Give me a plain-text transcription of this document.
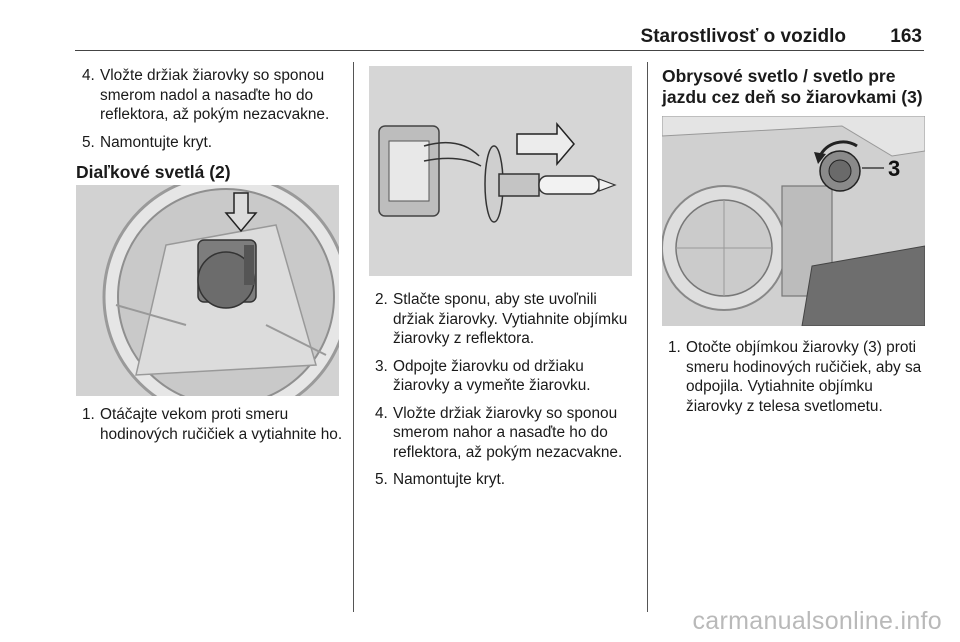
Starostlivosť o vozidlo 163
4. Vložte držiak žiarovky so sponou smerom nadol a nasaďte ho do reflektora, až pokým nezacvakne.
5. Namontujte kryt.
Diaľkové svetlá (2)
1. Otáčajte vekom proti smeru hodinových ručičiek a vytiahnite ho.
2. Stlačte sponu, aby ste uvoľnili držiak žiarovky. Vytiahnite objímku žiarovky z reflektora.
3. Odpojte žiarovku od držiaku žiarovky a vymeňte žiarovku.
4. Vložte držiak žiarovky so sponou smerom nahor a nasaďte ho do reflektora, až pokým nezacvakne.
5. Namontujte kryt.
Obrysové svetlo / svetlo pre jazdu cez deň so žiarovkami (3)
3
1. Otočte objímkou žiarovky (3) proti smeru hodinových ručičiek, aby sa odpojila. Vytiahnite objímku žiarovky z telesa svetlometu.
carmanualsonline.info
